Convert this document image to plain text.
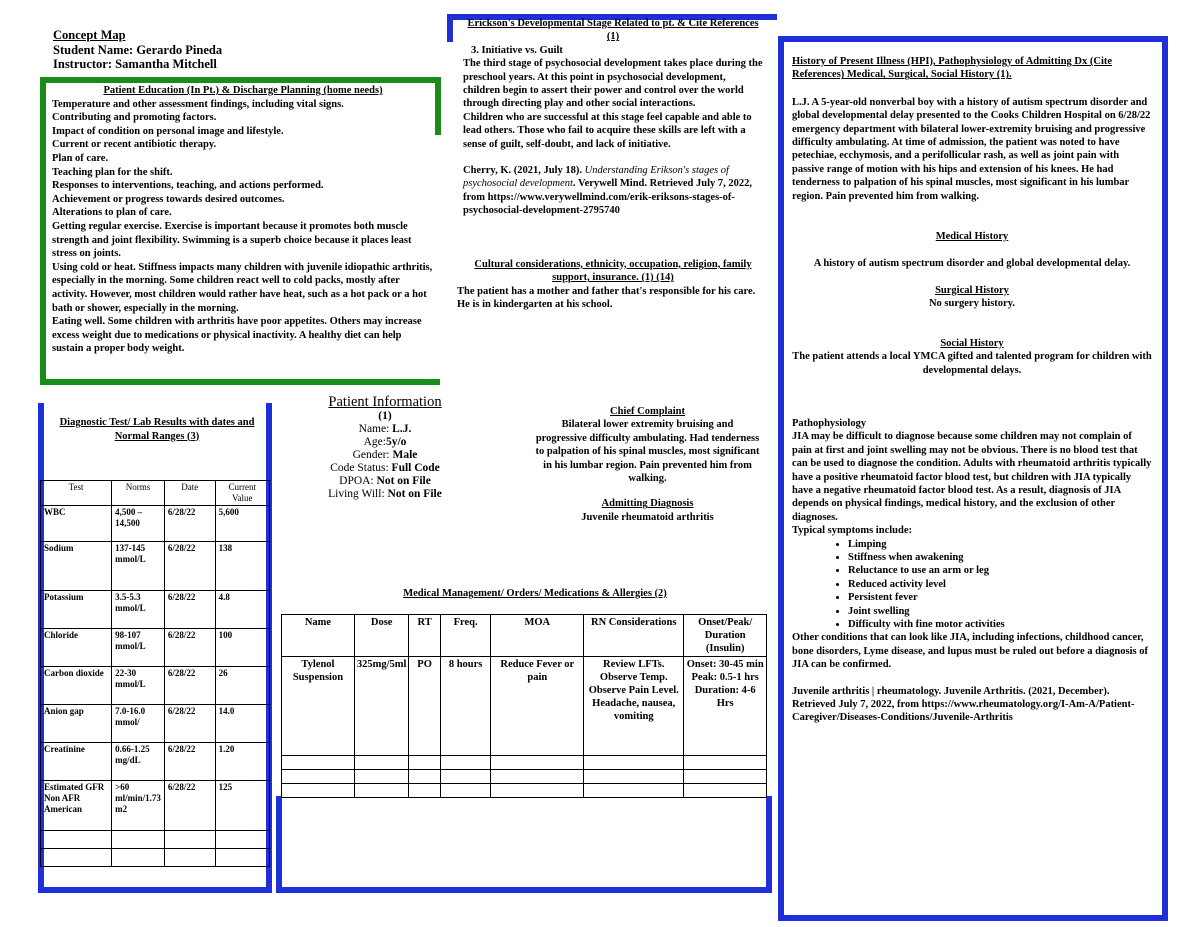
Concept Map
Student Name: Gerardo Pineda
Instructor: Samantha Mitchell
Patient Education (In Pt.) & Discharge Planning (home needs)
Temperature and other assessment findings, including vital signs.
Contributing and promoting factors.
Impact of condition on personal image and lifestyle.
Current or recent antibiotic therapy.
Plan of care.
Teaching plan for the shift.
Responses to interventions, teaching, and actions performed.
Achievement or progress towards desired outcomes.
Alterations to plan of care.
Getting regular exercise. Exercise is important because it promotes both muscle strength and joint flexibility. Swimming is a superb choice because it places least stress on joints.
Using cold or heat. Stiffness impacts many children with juvenile idiopathic arthritis, especially in the morning. Some children react well to cold packs, mostly after activity. However, most children would rather have heat, such as a hot pack or a hot bath or shower, especially in the morning.
Eating well. Some children with arthritis have poor appetites. Others may increase excess weight due to medications or physical inactivity. A healthy diet can help sustain a proper body weight.
Erickson's Developmental Stage Related to pt. & Cite References (1)
3. Initiative vs. Guilt
The third stage of psychosocial development takes place during the preschool years. At this point in psychosocial development, children begin to assert their power and control over the world through directing play and other social interactions.
Children who are successful at this stage feel capable and able to lead others. Those who fail to acquire these skills are left with a sense of guilt, self-doubt, and lack of initiative.
Cherry, K. (2021, July 18). Understanding Erikson's stages of psychosocial development. Verywell Mind. Retrieved July 7, 2022, from https://www.verywellmind.com/erik-eriksons-stages-of-psychosocial-development-2795740
Cultural considerations, ethnicity, occupation, religion, family support, insurance. (1) (14)
The patient has a mother and father that's responsible for his care. He is in kindergarten at his school.
History of Present Illness (HPI), Pathophysiology of Admitting Dx (Cite References) Medical, Surgical, Social History (1).
L.J. A 5-year-old nonverbal boy with a history of autism spectrum disorder and global developmental delay presented to the Cooks Children Hospital on 6/28/22 emergency department with bilateral lower-extremity bruising and progressive difficulty ambulating. At time of admission, the patient was noted to have petechiae, ecchymosis, and a perifollicular rash, as well as joint pain with passive range of motion with his hips and extension of his knees. He had tenderness to palpation of his spinal muscles, most significant in his lumbar region. Pain prevented him from walking.
Medical History
A history of autism spectrum disorder and global developmental delay.
Surgical History
No surgery history.
Social History
The patient attends a local YMCA gifted and talented program for children with developmental delays.
Pathophysiology
JIA may be difficult to diagnose because some children may not complain of pain at first and joint swelling may not be obvious. There is no blood test that can be used to diagnose the condition. Adults with rheumatoid arthritis typically have a positive rheumatoid factor blood test, but children with JIA typically have a negative rheumatoid factor blood test. As a result, diagnosis of JIA depends on physical findings, medical history, and the exclusion of other diagnoses.
Typical symptoms include:
• Limping
• Stiffness when awakening
• Reluctance to use an arm or leg
• Reduced activity level
• Persistent fever
• Joint swelling
• Difficulty with fine motor activities
Other conditions that can look like JIA, including infections, childhood cancer, bone disorders, Lyme disease, and lupus must be ruled out before a diagnosis of JIA can be confirmed.
Juvenile arthritis | rheumatology. Juvenile Arthritis. (2021, December). Retrieved July 7, 2022, from https://www.rheumatology.org/I-Am-A/Patient-Caregiver/Diseases-Conditions/Juvenile-Arthritis
Diagnostic Test/ Lab Results with dates and Normal Ranges (3)
Test	Norms	Date	Current Value
WBC	4,500 – 14,500	6/28/22	5,600
Sodium	137-145 mmol/L	6/28/22	138
Potassium	3.5-5.3 mmol/L	6/28/22	4.8
Chloride	98-107 mmol/L	6/28/22	100
Carbon dioxide	22-30 mmol/L	6/28/22	26
Anion gap	7.0-16.0 mmol/	6/28/22	14.0
Creatinine	0.66-1.25 mg/dL	6/28/22	1.20
Estimated GFR Non AFR American	>60 ml/min/1.73 m2	6/28/22	125

Patient Information
(1)
Name: L.J.
Age:5y/o
Gender: Male
Code Status: Full Code
DPOA: Not on File
Living Will: Not on File
Chief Complaint
Bilateral lower extremity bruising and progressive difficulty ambulating. Had tenderness to palpation of his spinal muscles, most significant in his lumbar region. Pain prevented him from walking.
Admitting Diagnosis
Juvenile rheumatoid arthritis
Medical Management/ Orders/ Medications & Allergies (2)
Name	Dose	RT	Freq.	MOA	RN Considerations	Onset/Peak/ Duration (Insulin)
Tylenol Suspension	325mg/5ml	PO	8 hours	Reduce Fever or pain	Review LFTs. Observe Temp. Observe Pain Level. Headache, nausea, vomiting	Onset: 30-45 min Peak: 0.5-1 hrs Duration: 4-6 Hrs
